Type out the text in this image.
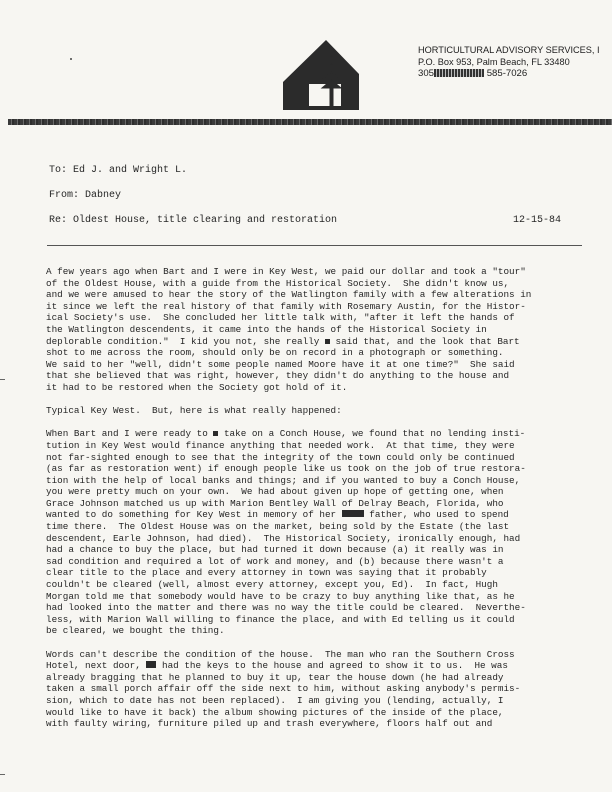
HORTICULTURAL ADVISORY SERVICES, I
P.O. Box 953, Palm Beach, FL 33480
305	585-7026
To: Ed J. and Wright L.
From: Dabney
Re: Oldest House, title clearing and restoration	12-15-84

A few years ago when Bart and I were in Key West, we paid our dollar and took a "tour"
of the Oldest House, with a guide from the Historical Society.  She didn't know us,
and we were amused to hear the story of the Watlington family with a few alterations in
it since we left the real history of that family with Rosemary Austin, for the Histor-
ical Society's use.  She concluded her little talk with, "after it left the hands of
the Watlington descendents, it came into the hands of the Historical Society in
deplorable condition."  I kid you not, she really  said that, and the look that Bart
shot to me across the room, should only be on record in a photograph or something.
We said to her "well, didn't some people named Moore have it at one time?"  She said
that she believed that was right, however, they didn't do anything to the house and
it had to be restored when the Society got hold of it.

Typical Key West.  But, here is what really happened:

When Bart and I were ready to  take on a Conch House, we found that no lending insti-
tution in Key West would finance anything that needed work.  At that time, they were
not far-sighted enough to see that the integrity of the town could only be continued
(as far as restoration went) if enough people like us took on the job of true restora-
tion with the help of local banks and things; and if you wanted to buy a Conch House,
you were pretty much on your own.  We had about given up hope of getting one, when
Grace Johnson matched us up with Marion Bentley Wall of Delray Beach, Florida, who
wanted to do something for Key West in memory of her  father, who used to spend
time there.  The Oldest House was on the market, being sold by the Estate (the last
descendent, Earle Johnson, had died).  The Historical Society, ironically enough, had
had a chance to buy the place, but had turned it down because (a) it really was in
sad condition and required a lot of work and money, and (b) because there wasn't a
clear title to the place and every attorney in town was saying that it probably
couldn't be cleared (well, almost every attorney, except you, Ed).  In fact, Hugh
Morgan told me that somebody would have to be crazy to buy anything like that, as he
had looked into the matter and there was no way the title could be cleared.  Neverthe-
less, with Marion Wall willing to finance the place, and with Ed telling us it could
be cleared, we bought the thing.

Words can't describe the condition of the house.  The man who ran the Southern Cross
Hotel, next door,  had the keys to the house and agreed to show it to us.  He was
already bragging that he planned to buy it up, tear the house down (he had already
taken a small porch affair off the side next to him, without asking anybody's permis-
sion, which to date has not been replaced).  I am giving you (lending, actually, I
would like to have it back) the album showing pictures of the inside of the place,
with faulty wiring, furniture piled up and trash everywhere, floors half out and
